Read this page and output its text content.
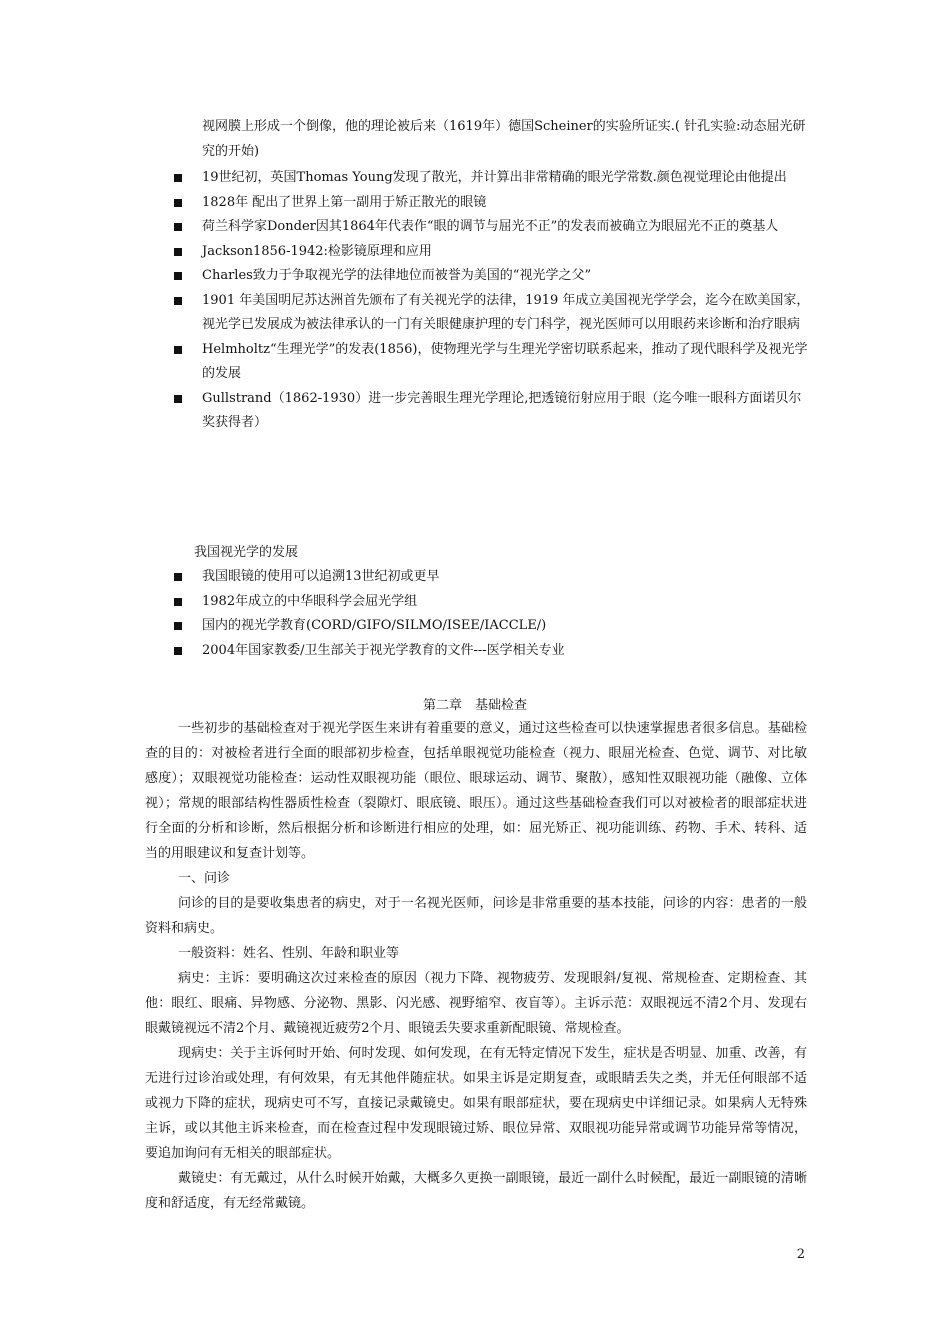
视网膜上形成一个倒像，他的理论被后来（1619年）德国Scheiner的实验所证实.( 针孔实验:动态屈光研究的开始)
19世纪初，英国Thomas Young发现了散光，并计算出非常精确的眼光学常数.颜色视觉理论由他提出
1828年 配出了世界上第一副用于矫正散光的眼镜
荷兰科学家Donder因其1864年代表作“眼的调节与屈光不正”的发表而被确立为眼屈光不正的奠基人
Jackson1856-1942:检影镜原理和应用
Charles致力于争取视光学的法律地位而被誉为美国的“视光学之父”
1901 年美国明尼苏达洲首先颁布了有关视光学的法律，1919 年成立美国视光学学会，迄今在欧美国家，视光学已发展成为被法律承认的一门有关眼健康护理的专门科学，视光医师可以用眼药来诊断和治疗眼病
Helmholtz“生理光学”的发表(1856)，使物理光学与生理光学密切联系起来，推动了现代眼科学及视光学的发展
Gullstrand（1862-1930）进一步完善眼生理光学理论,把透镜衍射应用于眼（迄今唯一眼科方面诺贝尔奖获得者）
我国视光学的发展
我国眼镜的使用可以追溯13世纪初或更早
1982年成立的中华眼科学会屈光学组
国内的视光学教育(CORD/GIFO/SILMO/ISEE/IACCLE/)
2004年国家教委/卫生部关于视光学教育的文件---医学相关专业
第二章　基础检查

一些初步的基础检查对于视光学医生来讲有着重要的意义，通过这些检查可以快速掌握患者很多信息。基础检查的目的：对被检者进行全面的眼部初步检查，包括单眼视觉功能检查（视力、眼屈光检查、色觉、调节、对比敏感度）；双眼视觉功能检查：运动性双眼视功能（眼位、眼球运动、调节、聚散），感知性双眼视功能（融像、立体视）；常规的眼部结构性器质性检查（裂隙灯、眼底镜、眼压）。通过这些基础检查我们可以对被检者的眼部症状进行全面的分析和诊断，然后根据分析和诊断进行相应的处理，如：屈光矫正、视功能训练、药物、手术、转科、适当的用眼建议和复查计划等。

一、问诊

问诊的目的是要收集患者的病史，对于一名视光医师，问诊是非常重要的基本技能，问诊的内容：患者的一般资料和病史。

一般资料：姓名、性别、年龄和职业等

病史：主诉：要明确这次过来检查的原因（视力下降、视物疲劳、发现眼斜/复视、常规检查、定期检查、其他：眼红、眼痛、异物感、分泌物、黑影、闪光感、视野缩窄、夜盲等）。主诉示范：双眼视远不清2个月、发现右眼戴镜视远不清2个月、戴镜视近疲劳2个月、眼镜丢失要求重新配眼镜、常规检查。

现病史：关于主诉何时开始、何时发现、如何发现，在有无特定情况下发生，症状是否明显、加重、改善，有无进行过诊治或处理，有何效果，有无其他伴随症状。如果主诉是定期复查，或眼睛丢失之类，并无任何眼部不适或视力下降的症状，现病史可不写，直接记录戴镜史。如果有眼部症状，要在现病史中详细记录。如果病人无特殊主诉，或以其他主诉来检查，而在检查过程中发现眼镜过矫、眼位异常、双眼视功能异常或调节功能异常等情况，要追加询问有无相关的眼部症状。

戴镜史：有无戴过，从什么时候开始戴，大概多久更换一副眼镜，最近一副什么时候配，最近一副眼镜的清晰度和舒适度，有无经常戴镜。

2
